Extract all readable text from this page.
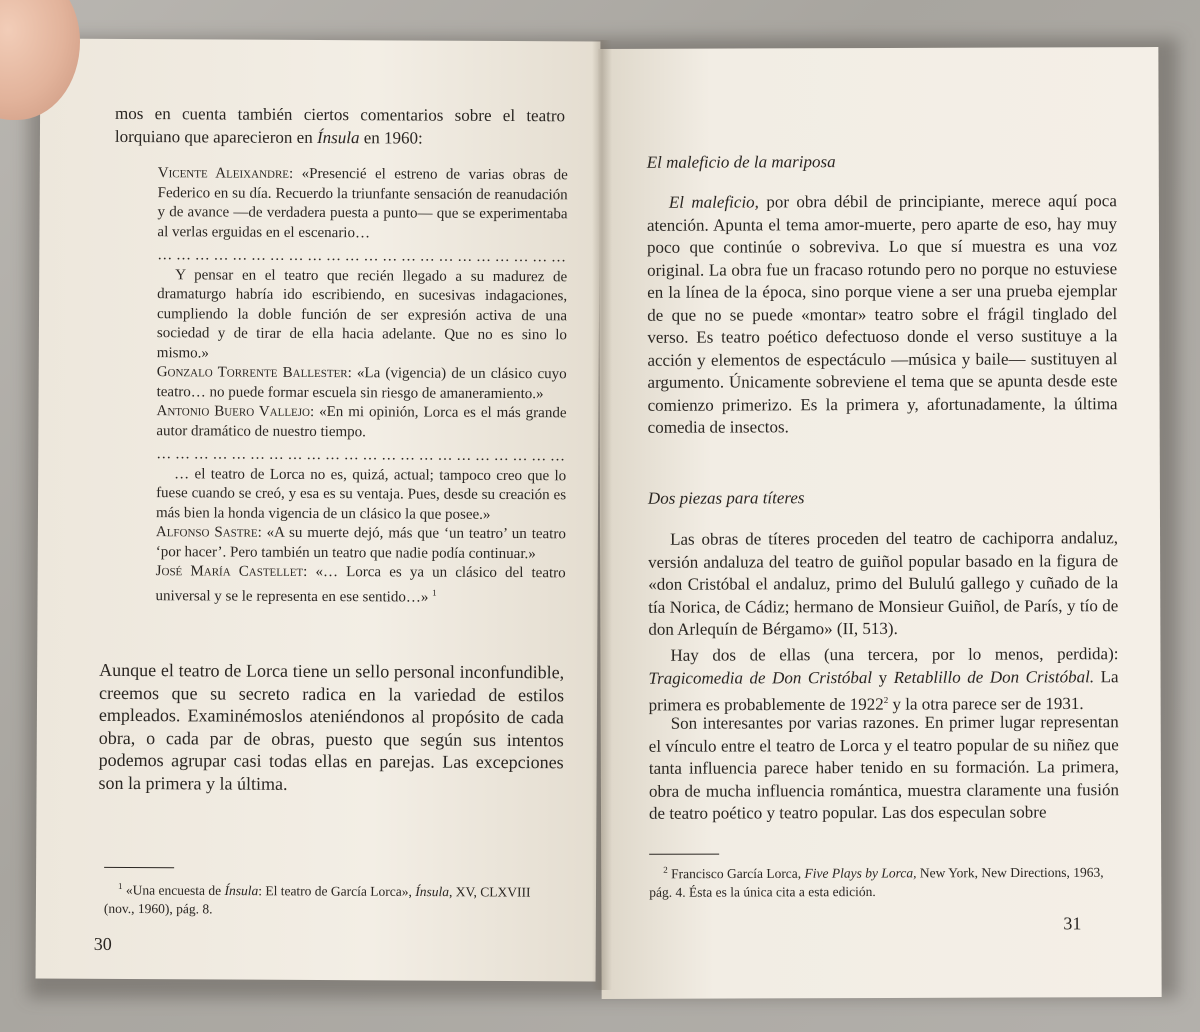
mos en cuenta también ciertos comentarios sobre el teatro lorquiano que aparecieron en Ínsula en 1960:

Vicente Aleixandre: «Presencié el estreno de varias obras de Federico en su día. Recuerdo la triunfante sensación de reanudación y de avance —de verdadera puesta a punto— que se experimentaba al verlas erguidas en el escenario…

… … … … … … … … … … … … … … … … … … … … … …

Y pensar en el teatro que recién llegado a su madurez de dramaturgo habría ido escribiendo, en sucesivas indagaciones, cumpliendo la doble función de ser expresión activa de una sociedad y de tirar de ella hacia adelante. Que no es sino lo mismo.»

Gonzalo Torrente Ballester: «La (vigencia) de un clásico cuyo teatro… no puede formar escuela sin riesgo de amaneramiento.»

Antonio Buero Vallejo: «En mi opinión, Lorca es el más grande autor dramático de nuestro tiempo.

… … … … … … … … … … … … … … … … … … … … … …

… el teatro de Lorca no es, quizá, actual; tampoco creo que lo fuese cuando se creó, y esa es su ventaja. Pues, desde su creación es más bien la honda vigencia de un clásico la que posee.»

Alfonso Sastre: «A su muerte dejó, más que ‘un teatro’ un teatro ‘por hacer’. Pero también un teatro que nadie podía continuar.»

José María Castellet: «… Lorca es ya un clásico del teatro universal y se le representa en ese sentido…» $^1$

Aunque el teatro de Lorca tiene un sello personal inconfundible, creemos que su secreto radica en la variedad de estilos empleados. Examinémoslos ateniéndonos al propósito de cada obra, o cada par de obras, puesto que según sus intentos podemos agrupar casi todas ellas en parejas. Las excepciones son la primera y la última.

$^1$ «Una encuesta de Ínsula: El teatro de García Lorca», Ínsula, XV, CLXVIII (nov., 1960), pág. 8.

30

El maleficio de la mariposa

El maleficio, por obra débil de principiante, merece aquí poca atención. Apunta el tema amor-muerte, pero aparte de eso, hay muy poco que continúe o sobreviva. Lo que sí muestra es una voz original. La obra fue un fracaso rotundo pero no porque no estuviese en la línea de la época, sino porque viene a ser una prueba ejemplar de que no se puede «montar» teatro sobre el frágil tinglado del verso. Es teatro poético defectuoso donde el verso sustituye a la acción y elementos de espectáculo —música y baile— sustituyen al argumento. Únicamente sobreviene el tema que se apunta desde este comienzo primerizo. Es la primera y, afortunadamente, la última comedia de insectos.

Dos piezas para títeres

Las obras de títeres proceden del teatro de cachiporra andaluz, versión andaluza del teatro de guiñol popular basado en la figura de «don Cristóbal el andaluz, primo del Bululú gallego y cuñado de la tía Norica, de Cádiz; hermano de Monsieur Guiñol, de París, y tío de don Arlequín de Bérgamo» (II, 513).

Hay dos de ellas (una tercera, por lo menos, perdida): Tragicomedia de Don Cristóbal y Retablillo de Don Cristóbal. La primera es probablemente de 1922$^2$ y la otra parece ser de 1931.

Son interesantes por varias razones. En primer lugar representan el vínculo entre el teatro de Lorca y el teatro popular de su niñez que tanta influencia parece haber tenido en su formación. La primera, obra de mucha influencia romántica, muestra claramente una fusión de teatro poético y teatro popular. Las dos especulan sobre

$^2$ Francisco García Lorca, Five Plays by Lorca, New York, New Directions, 1963, pág. 4. Ésta es la única cita a esta edición.

31
